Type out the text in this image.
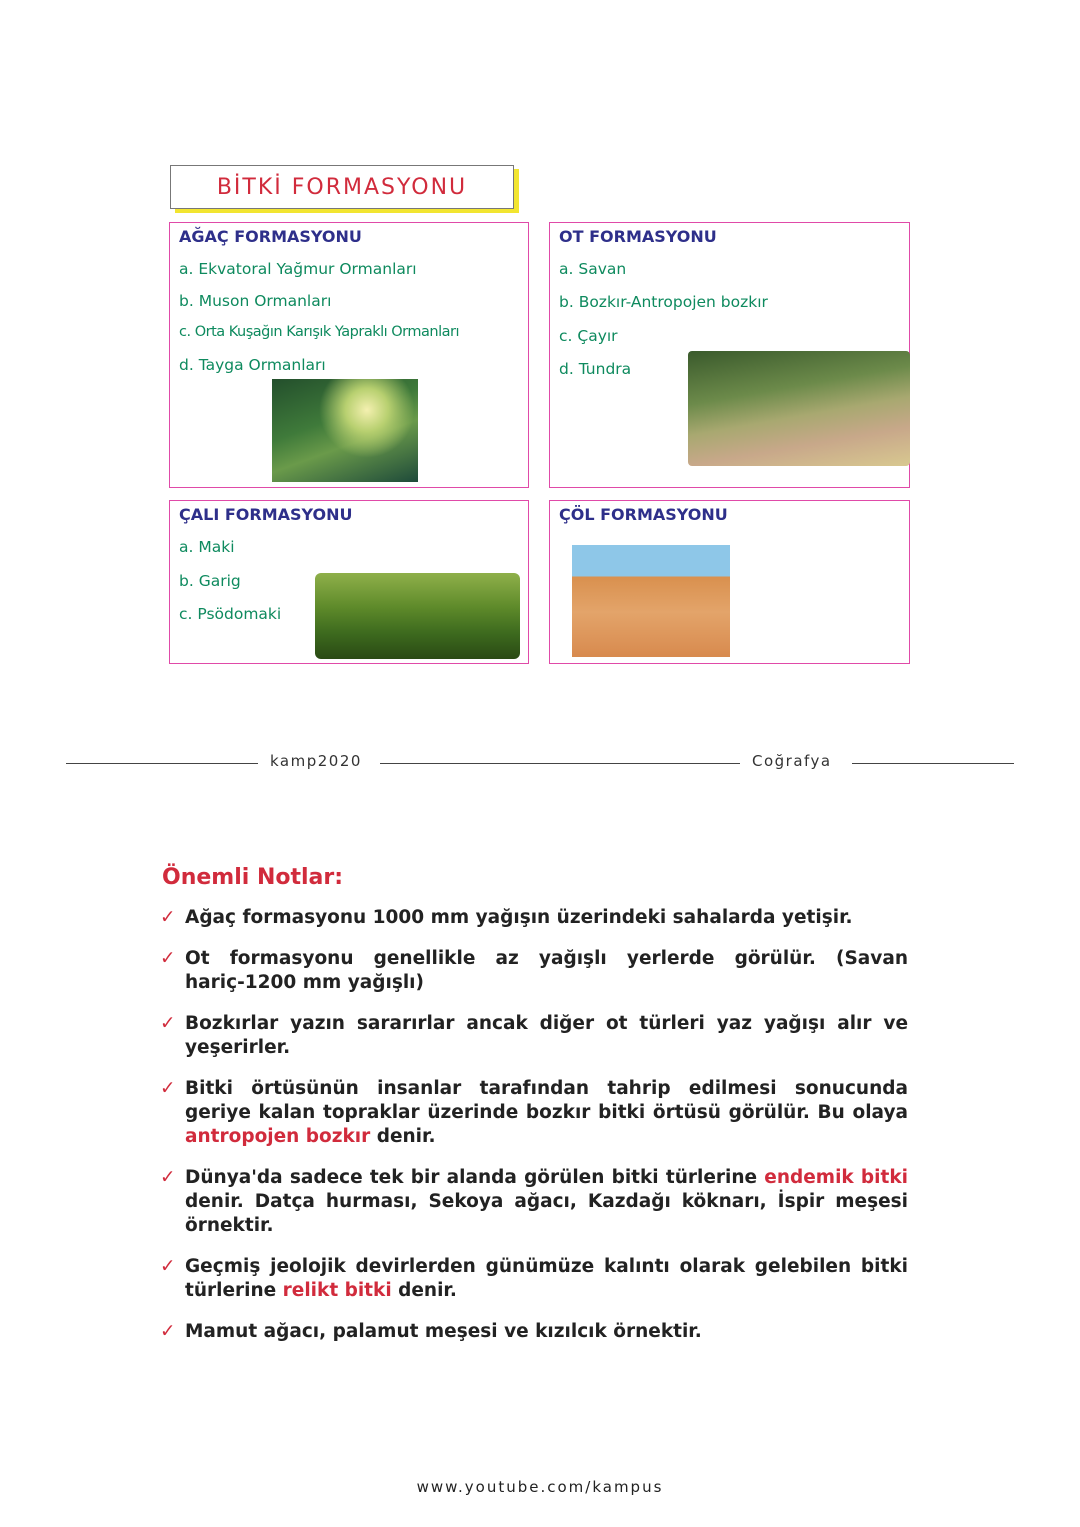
BİTKİ FORMASYONU
AĞAÇ FORMASYONU
a. Ekvatoral Yağmur Ormanları
b. Muson Ormanları
c. Orta Kuşağın Karışık Yapraklı Ormanları
d. Tayga Ormanları
OT FORMASYONU
a. Savan
b. Bozkır-Antropojen bozkır
c. Çayır
d. Tundra
ÇALI FORMASYONU
a. Maki
b. Garig
c. Psödomaki
ÇÖL FORMASYONU
kamp2020	Coğrafya
Önemli Notlar:
✓ Ağaç formasyonu 1000 mm yağışın üzerindeki sahalarda yetişir.
✓ Ot formasyonu genellikle az yağışlı yerlerde görülür. (Savan hariç-1200 mm yağışlı)
✓ Bozkırlar yazın sararırlar ancak diğer ot türleri yaz yağışı alır ve yeşerirler.
✓ Bitki örtüsünün insanlar tarafından tahrip edilmesi sonucunda geriye kalan topraklar üzerinde bozkır bitki örtüsü görülür. Bu olaya antropojen bozkır denir.
✓ Dünya'da sadece tek bir alanda görülen bitki türlerine endemik bitki denir. Datça hurması, Sekoya ağacı, Kazdağı köknarı, İspir meşesi örnektir.
✓ Geçmiş jeolojik devirlerden günümüze kalıntı olarak gelebilen bitki türlerine relikt bitki denir.
✓ Mamut ağacı, palamut meşesi ve kızılcık örnektir.
www.youtube.com/kampus
